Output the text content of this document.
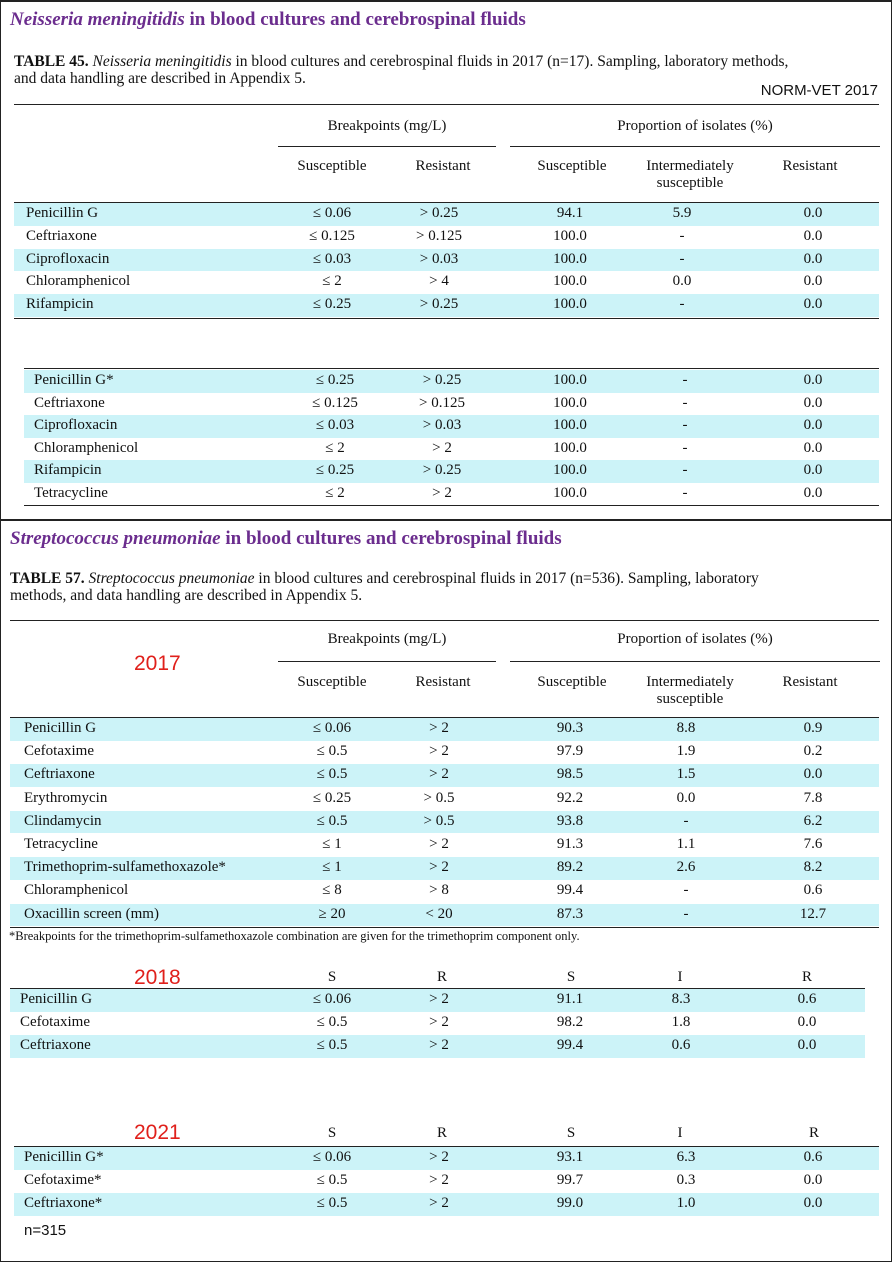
Neisseria meningitidis in blood cultures and cerebrospinal fluids
TABLE 45. Neisseria meningitidis in blood cultures and cerebrospinal fluids in 2017 (n=17). Sampling, laboratory methods,
and data handling are described in Appendix 5.
NORM-VET 2017
Breakpoints (mg/L)	Proportion of isolates (%)
Susceptible	Resistant	Susceptible	Intermediately
susceptible
Resistant
Penicillin G	≤ 0.06	> 0.25	94.1	5.9	0.0
Ceftriaxone	≤ 0.125	> 0.125	100.0	-	0.0
Ciprofloxacin	≤ 0.03	> 0.03	100.0	-	0.0
Chloramphenicol	≤ 2	> 4	100.0	0.0	0.0
Rifampicin	≤ 0.25	> 0.25	100.0	-	0.0
Penicillin G*	≤ 0.25	> 0.25	100.0	-	0.0
Ceftriaxone	≤ 0.125	> 0.125	100.0	-	0.0
Ciprofloxacin	≤ 0.03	> 0.03	100.0	-	0.0
Chloramphenicol	≤ 2	> 2	100.0	-	0.0
Rifampicin	≤ 0.25	> 0.25	100.0	-	0.0
Tetracycline	≤ 2	> 2	100.0	-	0.0
Streptococcus pneumoniae in blood cultures and cerebrospinal fluids
TABLE 57. Streptococcus pneumoniae in blood cultures and cerebrospinal fluids in 2017 (n=536). Sampling, laboratory
methods, and data handling are described in Appendix 5.
Breakpoints (mg/L)	Proportion of isolates (%)
2017
Susceptible	Resistant	Susceptible	Intermediately
susceptible
Resistant
Penicillin G	≤ 0.06	> 2	90.3	8.8	0.9
Cefotaxime	≤ 0.5	> 2	97.9	1.9	0.2
Ceftriaxone	≤ 0.5	> 2	98.5	1.5	0.0
Erythromycin	≤ 0.25	> 0.5	92.2	0.0	7.8
Clindamycin	≤ 0.5	> 0.5	93.8	-	6.2
Tetracycline	≤ 1	> 2	91.3	1.1	7.6
Trimethoprim-sulfamethoxazole*	≤ 1	> 2	89.2	2.6	8.2
Chloramphenicol	≤ 8	> 8	99.4	-	0.6
Oxacillin screen (mm)	≥ 20	< 20	87.3	-	12.7
*Breakpoints for the trimethoprim-sulfamethoxazole combination are given for the trimethoprim component only.
2018	S	R	S	I	R
Penicillin G	≤ 0.06	> 2	91.1	8.3	0.6
Cefotaxime	≤ 0.5	> 2	98.2	1.8	0.0
Ceftriaxone	≤ 0.5	> 2	99.4	0.6	0.0
2021	S	R	S	I	R
Penicillin G*	≤ 0.06	> 2	93.1	6.3	0.6
Cefotaxime*	≤ 0.5	> 2	99.7	0.3	0.0
Ceftriaxone*	≤ 0.5	> 2	99.0	1.0	0.0
n=315
